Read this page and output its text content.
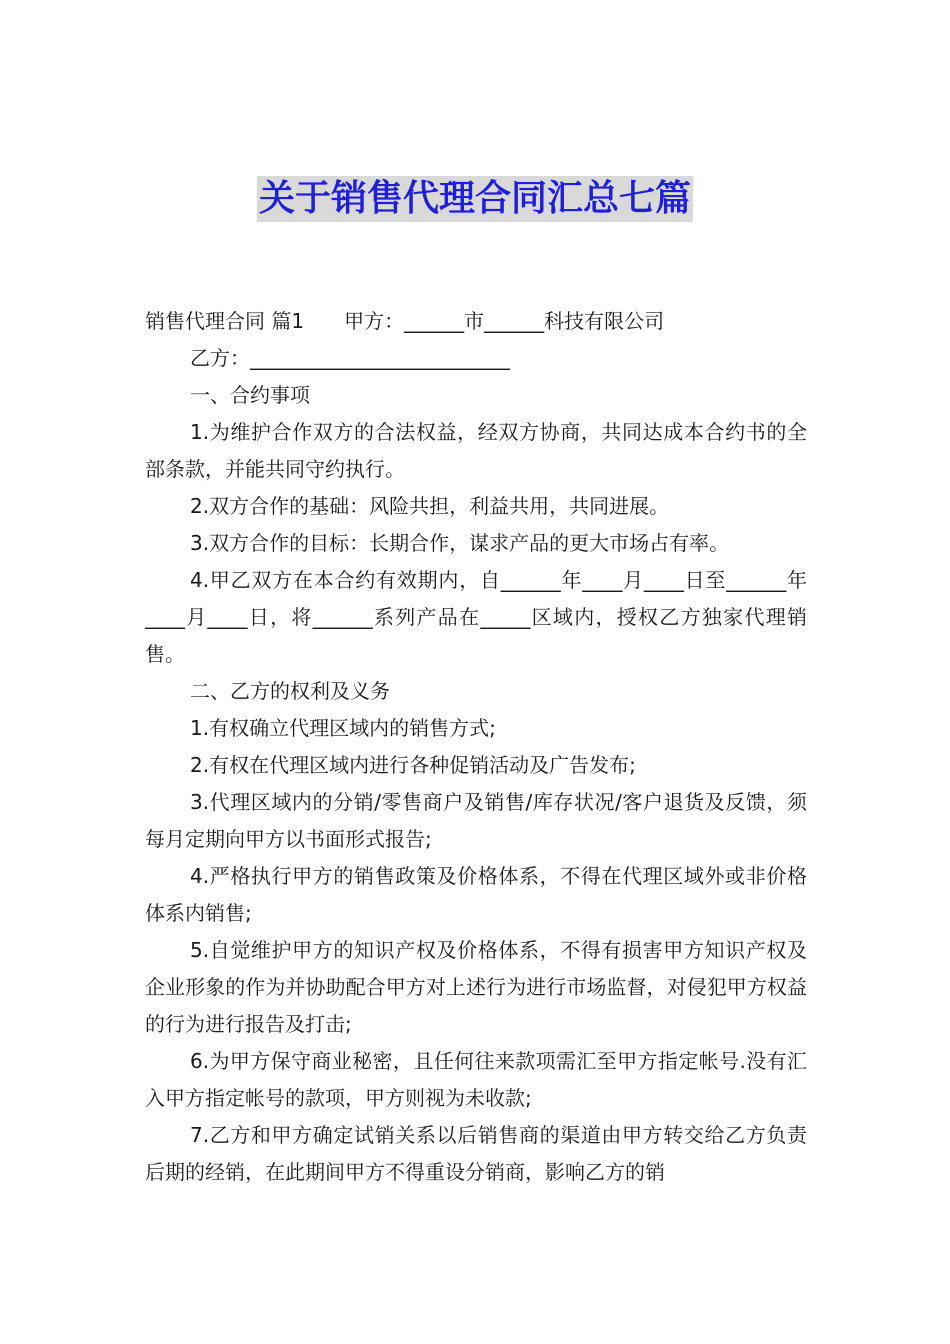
关于销售代理合同汇总七篇

销售代理合同 篇1　　甲方：______市______科技有限公司

乙方：__________________________

一、合约事项

1.为维护合作双方的合法权益，经双方协商，共同达成本合约书的全部条款，并能共同守约执行。

2.双方合作的基础：风险共担，利益共用，共同进展。

3.双方合作的目标：长期合作，谋求产品的更大市场占有率。

4.甲乙双方在本合约有效期内，自______年____月____日至______年____月____日，将______系列产品在_____区域内，授权乙方独家代理销售。

二、乙方的权利及义务

1.有权确立代理区域内的销售方式;

2.有权在代理区域内进行各种促销活动及广告发布;

3.代理区域内的分销/零售商户及销售/库存状况/客户退货及反馈，须每月定期向甲方以书面形式报告;

4.严格执行甲方的销售政策及价格体系，不得在代理区域外或非价格体系内销售;

5.自觉维护甲方的知识产权及价格体系，不得有损害甲方知识产权及企业形象的作为并协助配合甲方对上述行为进行市场监督，对侵犯甲方权益的行为进行报告及打击;

6.为甲方保守商业秘密，且任何往来款项需汇至甲方指定帐号.没有汇入甲方指定帐号的款项，甲方则视为未收款;

7.乙方和甲方确定试销关系以后销售商的渠道由甲方转交给乙方负责后期的经销，在此期间甲方不得重设分销商，影响乙方的销
